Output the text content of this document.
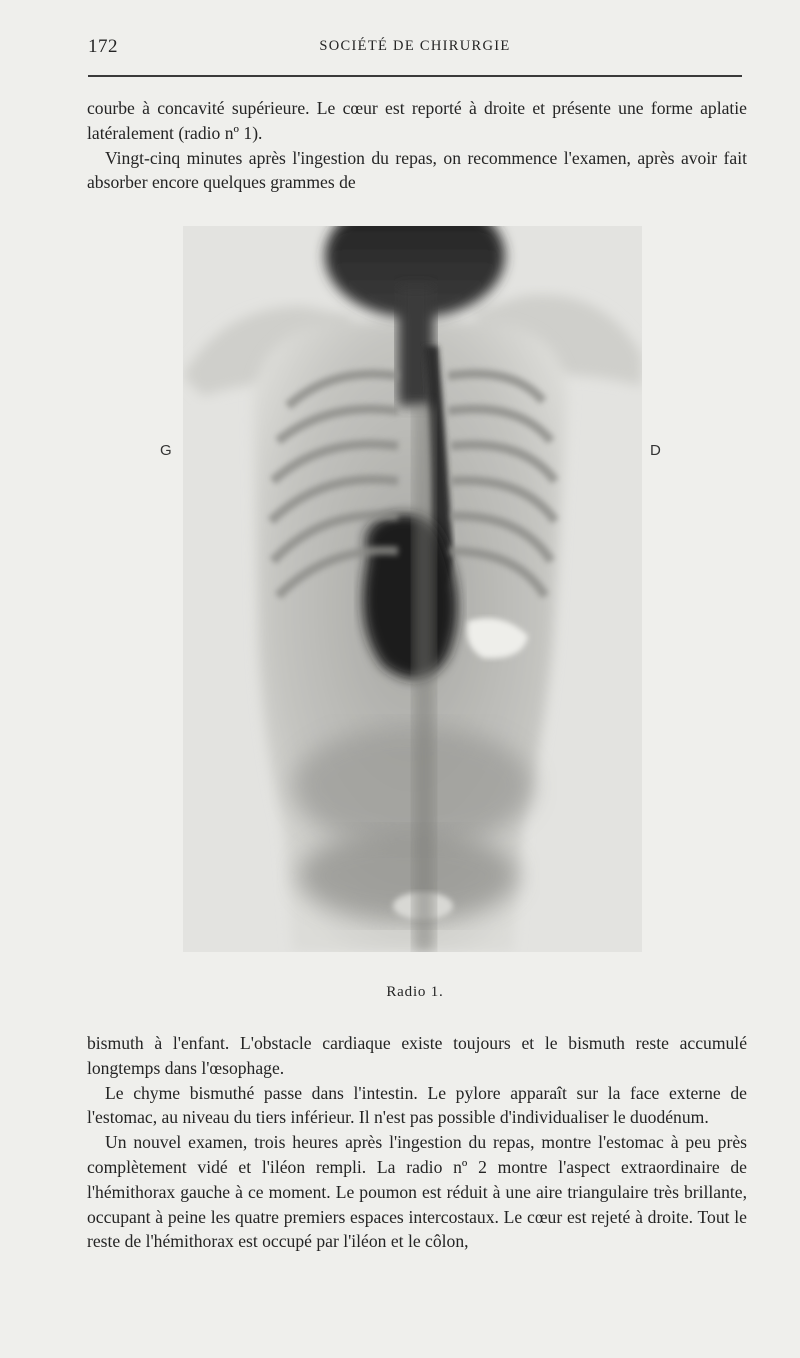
172	SOCIÉTÉ DE CHIRURGIE

courbe à concavité supérieure. Le cœur est reporté à droite et présente une forme aplatie latéralement (radio nº 1).

Vingt-cinq minutes après l'ingestion du repas, on recommence l'examen, après avoir fait absorber encore quelques grammes de

G	D
Radio 1.

bismuth à l'enfant. L'obstacle cardiaque existe toujours et le bismuth reste accumulé longtemps dans l'œsophage.

Le chyme bismuthé passe dans l'intestin. Le pylore apparaît sur la face externe de l'estomac, au niveau du tiers inférieur. Il n'est pas possible d'individualiser le duodénum.

Un nouvel examen, trois heures après l'ingestion du repas, montre l'estomac à peu près complètement vidé et l'iléon rempli. La radio nº 2 montre l'aspect extraordinaire de l'hémithorax gauche à ce moment. Le poumon est réduit à une aire triangulaire très brillante, occupant à peine les quatre premiers espaces intercostaux. Le cœur est rejeté à droite. Tout le reste de l'hémithorax est occupé par l'iléon et le côlon,
